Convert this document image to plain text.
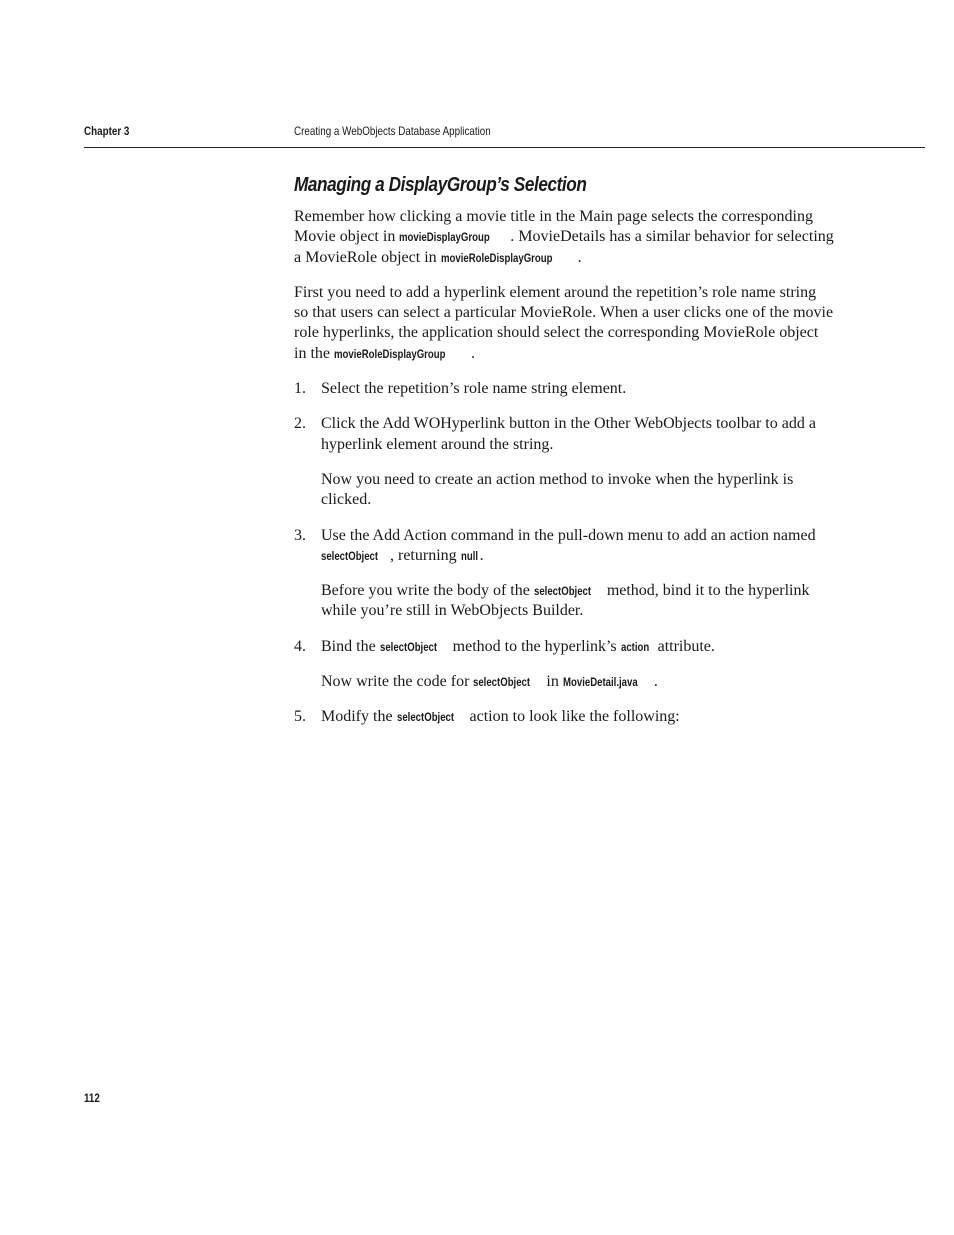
Chapter 3	Creating a WebObjects Database Application
Managing a DisplayGroup’s Selection

Remember how clicking a movie title in the Main page selects the corresponding Movie object in movieDisplayGroup . MovieDetails has a similar behavior for selecting a MovieRole object in movieRoleDisplayGroup .

First you need to add a hyperlink element around the repetition’s role name string so that users can select a particular MovieRole. When a user clicks one of the movie role hyperlinks, the application should select the corresponding MovieRole object in the movieRoleDisplayGroup .

1. Select the repetition’s role name string element.
2. Click the Add WOHyperlink button in the Other WebObjects toolbar to add a hyperlink element around the string.
Now you need to create an action method to invoke when the hyperlink is clicked.
3. Use the Add Action command in the pull-down menu to add an action named selectObject , returning null .
Before you write the body of the selectObject method, bind it to the hyperlink while you’re still in WebObjects Builder.
4. Bind the selectObject method to the hyperlink’s action attribute.
Now write the code for selectObject in MovieDetail.java .
5. Modify the selectObject action to look like the following:
112
